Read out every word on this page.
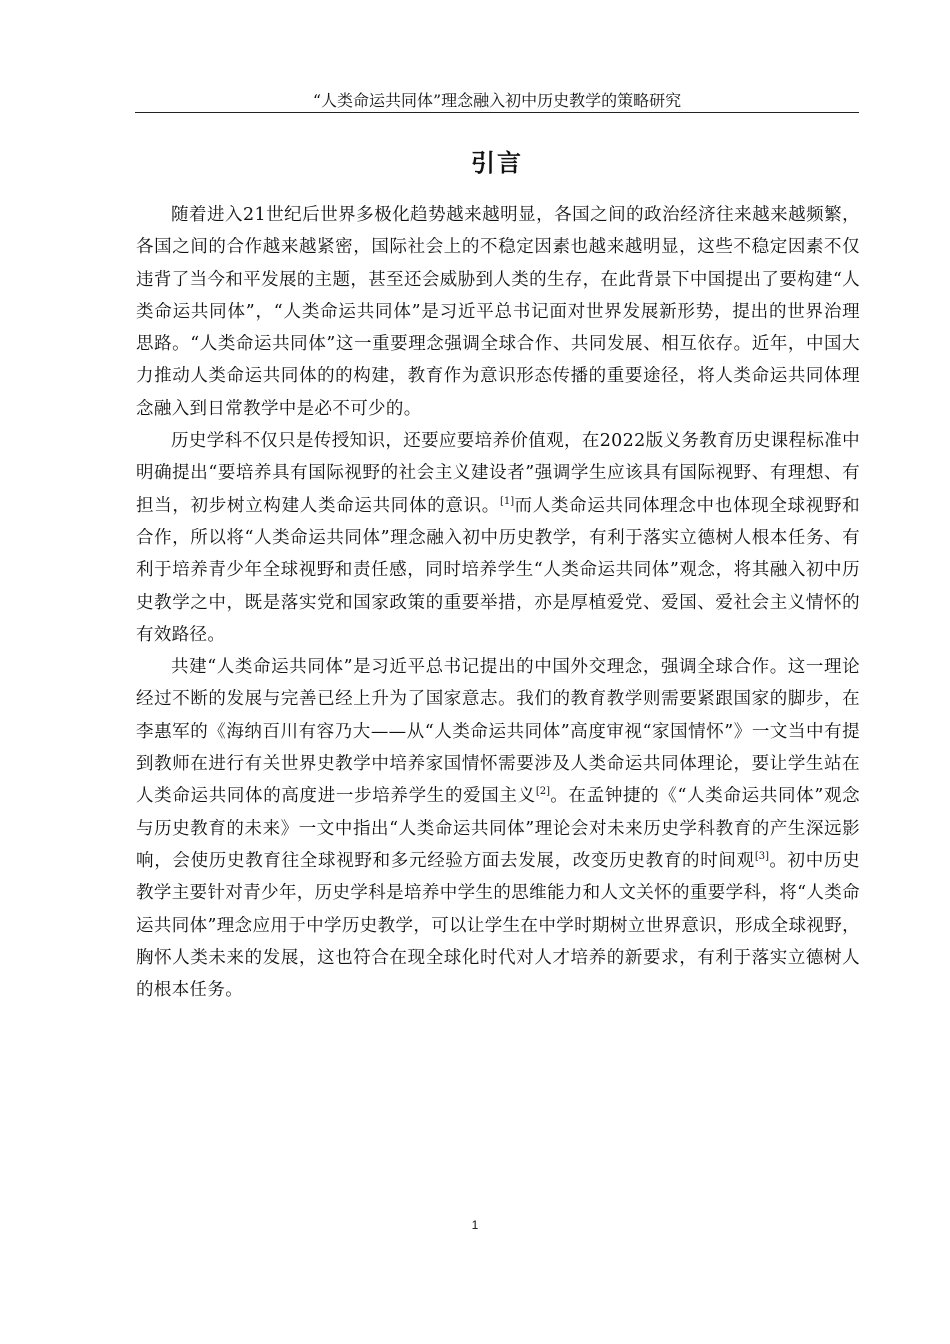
“人类命运共同体”理念融入初中历史教学的策略研究
引言

随着进入21世纪后世界多极化趋势越来越明显，各国之间的政治经济往来越来越频繁，各国之间的合作越来越紧密，国际社会上的不稳定因素也越来越明显，这些不稳定因素不仅违背了当今和平发展的主题，甚至还会威胁到人类的生存，在此背景下中国提出了要构建“人类命运共同体”，“人类命运共同体”是习近平总书记面对世界发展新形势，提出的世界治理思路。“人类命运共同体”这一重要理念强调全球合作、共同发展、相互依存。近年，中国大力推动人类命运共同体的的构建，教育作为意识形态传播的重要途径，将人类命运共同体理念融入到日常教学中是必不可少的。

历史学科不仅只是传授知识，还要应要培养价值观，在2022版义务教育历史课程标准中明确提出“要培养具有国际视野的社会主义建设者”强调学生应该具有国际视野、有理想、有担当，初步树立构建人类命运共同体的意识。[1]而人类命运共同体理念中也体现全球视野和合作，所以将“人类命运共同体”理念融入初中历史教学，有利于落实立德树人根本任务、有利于培养青少年全球视野和责任感，同时培养学生“人类命运共同体”观念，将其融入初中历史教学之中，既是落实党和国家政策的重要举措，亦是厚植爱党、爱国、爱社会主义情怀的有效路径。

共建“人类命运共同体”是习近平总书记提出的中国外交理念，强调全球合作。这一理论经过不断的发展与完善已经上升为了国家意志。我们的教育教学则需要紧跟国家的脚步，在李惠军的《海纳百川有容乃大——从“人类命运共同体”高度审视“家国情怀”》一文当中有提到教师在进行有关世界史教学中培养家国情怀需要涉及人类命运共同体理论，要让学生站在人类命运共同体的高度进一步培养学生的爱国主义[2]。在孟钟捷的《“人类命运共同体”观念与历史教育的未来》一文中指出“人类命运共同体”理论会对未来历史学科教育的产生深远影响，会使历史教育往全球视野和多元经验方面去发展，改变历史教育的时间观[3]。初中历史教学主要针对青少年，历史学科是培养中学生的思维能力和人文关怀的重要学科，将“人类命运共同体”理念应用于中学历史教学，可以让学生在中学时期树立世界意识，形成全球视野，胸怀人类未来的发展，这也符合在现全球化时代对人才培养的新要求，有利于落实立德树人的根本任务。

1
